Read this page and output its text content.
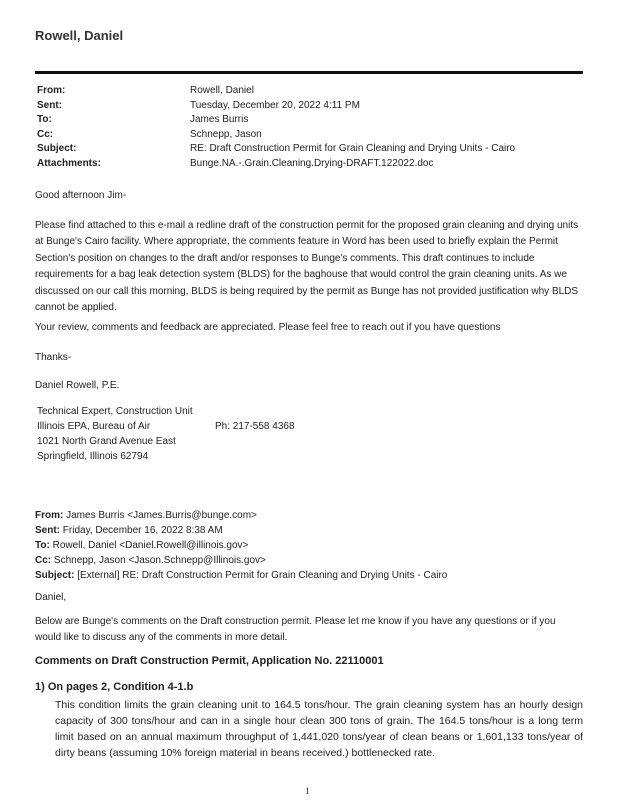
Rowell, Daniel
From:	Rowell, Daniel
Sent:	Tuesday, December 20, 2022 4:11 PM
To:	James Burris
Cc:	Schnepp, Jason
Subject:	RE: Draft Construction Permit for Grain Cleaning and Drying Units - Cairo
Attachments:	Bunge.NA.-.Grain.Cleaning.Drying-DRAFT.122022.doc
Good afternoon Jim-
Please find attached to this e-mail a redline draft of the construction permit for the proposed grain cleaning and drying units at Bunge's Cairo facility. Where appropriate, the comments feature in Word has been used to briefly explain the Permit Section's position on changes to the draft and/or responses to Bunge's comments. This draft continues to include requirements for a bag leak detection system (BLDS) for the baghouse that would control the grain cleaning units. As we discussed on our call this morning, BLDS is being required by the permit as Bunge has not provided justification why BLDS cannot be applied.
Your review, comments and feedback are appreciated. Please feel free to reach out if you have questions
Thanks-
Daniel Rowell, P.E.
Technical Expert, Construction Unit
Illinois EPA, Bureau of Air	Ph: 217-558 4368
1021 North Grand Avenue East
Springfield, Illinois 62794
From: James Burris <James.Burris@bunge.com>
Sent: Friday, December 16, 2022 8:38 AM
To: Rowell, Daniel <Daniel.Rowell@illinois.gov>
Cc: Schnepp, Jason <Jason.Schnepp@Illinois.gov>
Subject: [External] RE: Draft Construction Permit for Grain Cleaning and Drying Units - Cairo
Daniel,
Below are Bunge's comments on the Draft construction permit. Please let me know if you have any questions or if you would like to discuss any of the comments in more detail.
Comments on Draft Construction Permit, Application No. 22110001
1) On pages 2, Condition 4-1.b
This condition limits the grain cleaning unit to 164.5 tons/hour. The grain cleaning system has an hourly design capacity of 300 tons/hour and can in a single hour clean 300 tons of grain. The 164.5 tons/hour is a long term limit based on an annual maximum throughput of 1,441,020 tons/year of clean beans or 1,601,133 tons/year of dirty beans (assuming 10% foreign material in beans received.) bottlenecked rate.
1
